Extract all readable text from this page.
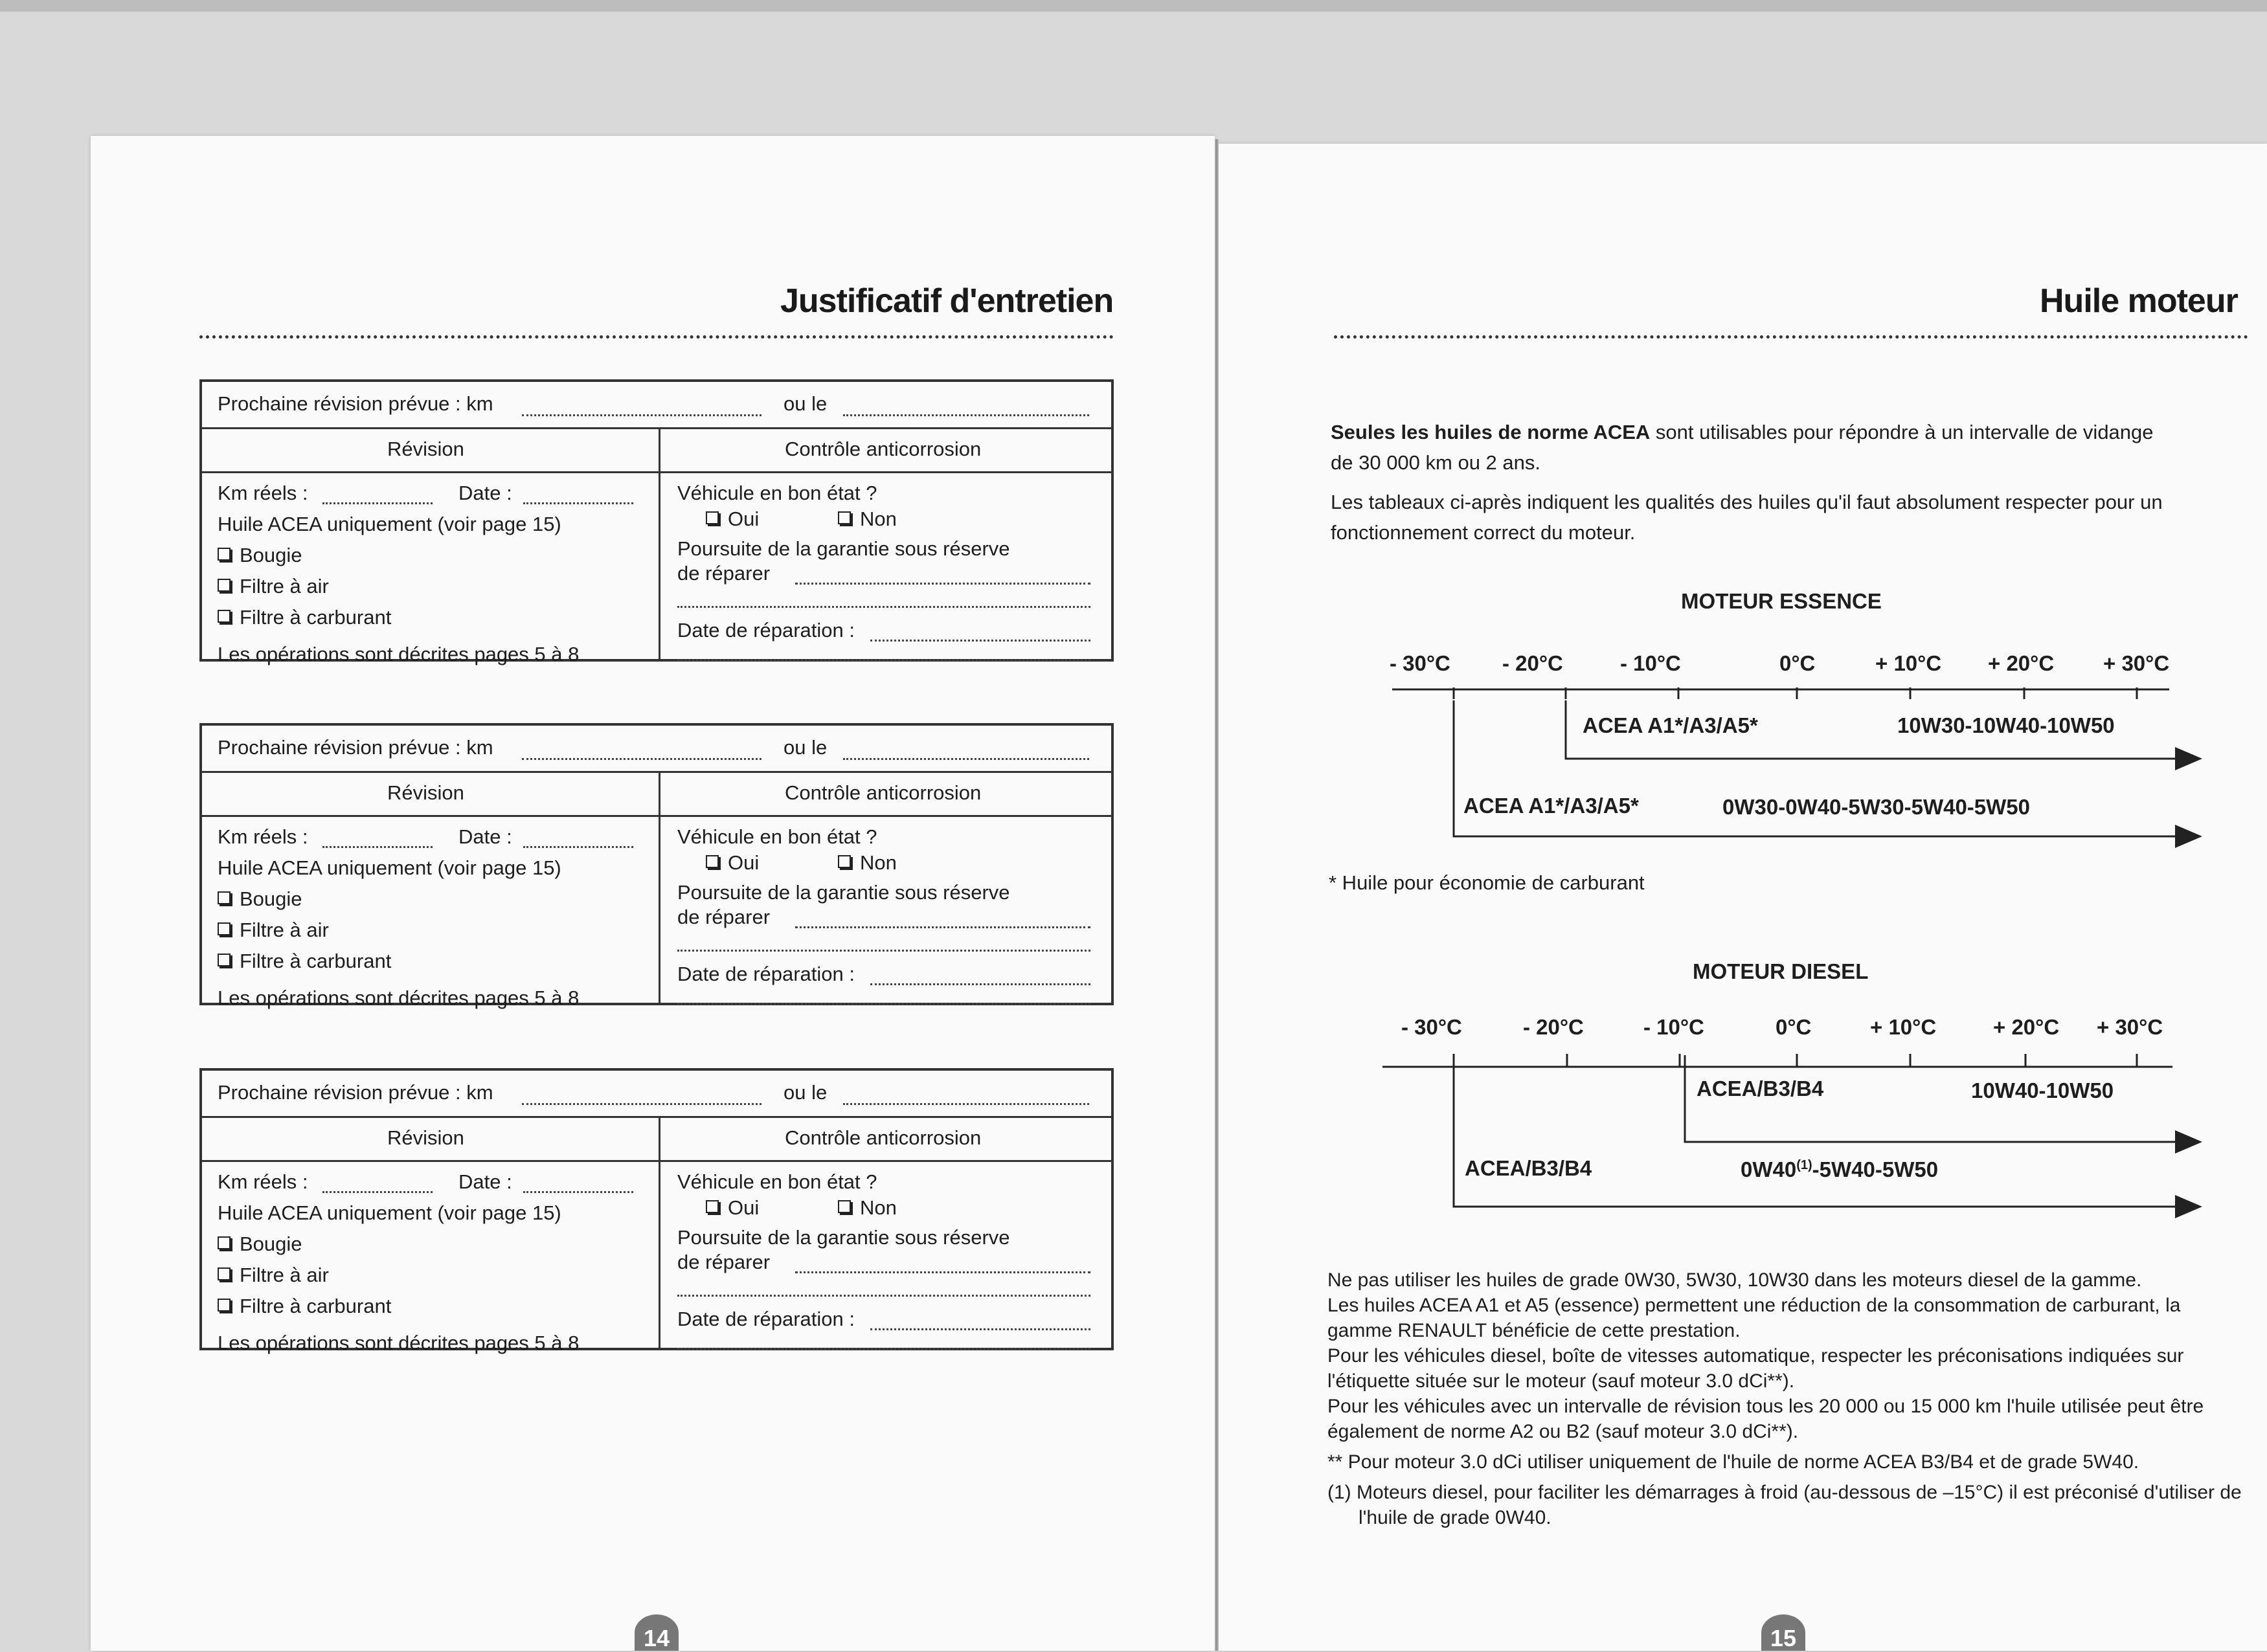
Justificatif d'entretien
Prochaine révision prévue : km	ou le
Révision	Contrôle anticorrosion
Km réels :	Date :
Huile ACEA uniquement (voir page 15)
Bougie
Filtre à air
Filtre à carburant
Les opérations sont décrites pages 5 à 8
Véhicule en bon état ?
Oui	Non
Poursuite de la garantie sous réserve
de réparer
Date de réparation :
Prochaine révision prévue : km	ou le
Révision	Contrôle anticorrosion
Km réels :	Date :
Huile ACEA uniquement (voir page 15)
Bougie
Filtre à air
Filtre à carburant
Les opérations sont décrites pages 5 à 8
Véhicule en bon état ?
Oui	Non
Poursuite de la garantie sous réserve
de réparer
Date de réparation :
Prochaine révision prévue : km	ou le
Révision	Contrôle anticorrosion
Km réels :	Date :
Huile ACEA uniquement (voir page 15)
Bougie
Filtre à air
Filtre à carburant
Les opérations sont décrites pages 5 à 8
Véhicule en bon état ?
Oui	Non
Poursuite de la garantie sous réserve
de réparer
Date de réparation :
14
Huile moteur
Seules les huiles de norme ACEA sont utilisables pour répondre à un intervalle de vidange
de 30 000 km ou 2 ans.
Les tableaux ci-après indiquent les qualités des huiles qu'il faut absolument respecter pour un
fonctionnement correct du moteur.
MOTEUR ESSENCE
- 30°C - 20°C	- 10°C	0°C	+ 10°C + 20°C + 30°C
ACEA A1*/A3/A5*	10W30-10W40-10W50
ACEA A1*/A3/A5*	0W30-0W40-5W30-5W40-5W50
* Huile pour économie de carburant
MOTEUR DIESEL
- 30°C	- 20°C	- 10°C	0°C	+ 10°C	+ 20°C + 30°C
ACEA/B3/B4	10W40-10W50
ACEA/B3/B4	0W40$^{(1)}$-5W40-5W50
Ne pas utiliser les huiles de grade 0W30, 5W30, 10W30 dans les moteurs diesel de la gamme.
Les huiles ACEA A1 et A5 (essence) permettent une réduction de la consommation de carburant, la gamme RENAULT bénéficie de cette prestation.
Pour les véhicules diesel, boîte de vitesses automatique, respecter les préconisations indiquées sur l'étiquette située sur le moteur (sauf moteur 3.0 dCi**).
Pour les véhicules avec un intervalle de révision tous les 20 000 ou 15 000 km l'huile utilisée peut être également de norme A2 ou B2 (sauf moteur 3.0 dCi**).
** Pour moteur 3.0 dCi utiliser uniquement de l'huile de norme ACEA B3/B4 et de grade 5W40.
(1) Moteurs diesel, pour faciliter les démarrages à froid (au-dessous de –15°C) il est préconisé d'utiliser de l'huile de grade 0W40.
15
